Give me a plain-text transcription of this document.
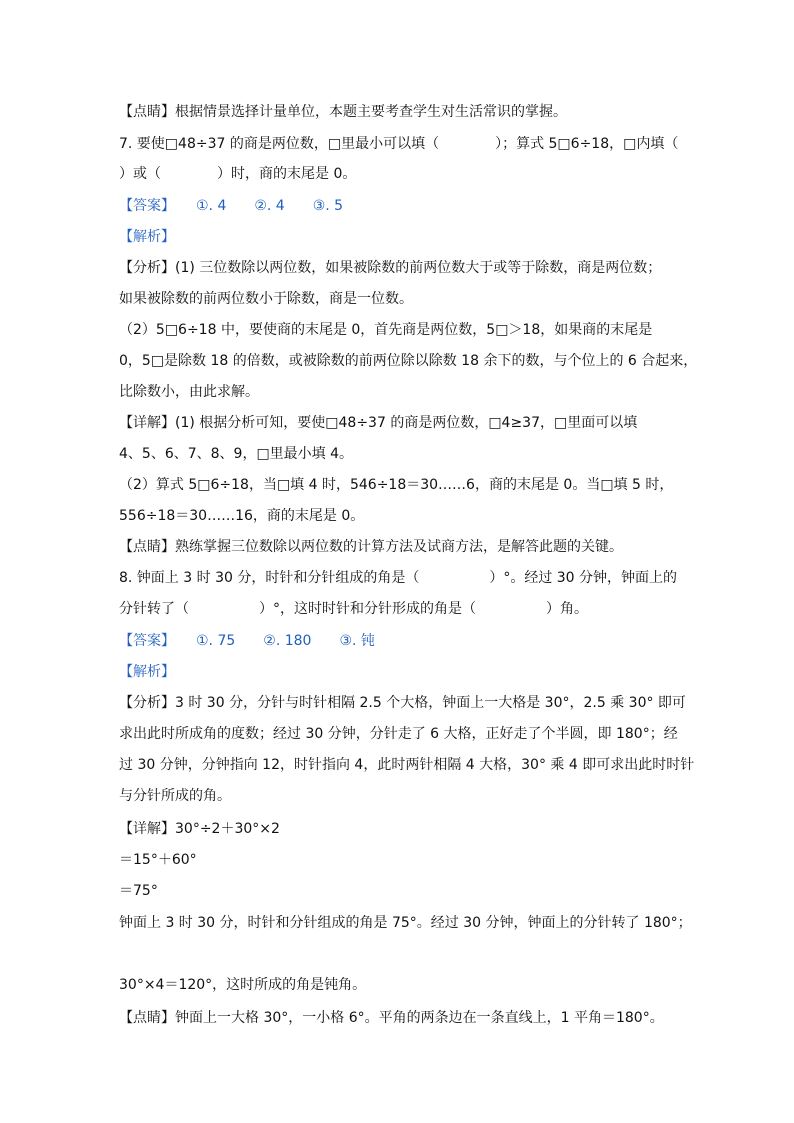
【点睛】根据情景选择计量单位，本题主要考查学生对生活常识的掌握。
7. 要使□48÷37 的商是两位数，□里最小可以填（　　　　）；算式 5□6÷18，□内填（
）或（　　　　）时，商的末尾是 0。
【答案】　　①. 4　　②. 4　　③. 5
【解析】
【分析】(1) 三位数除以两位数，如果被除数的前两位数大于或等于除数，商是两位数；
如果被除数的前两位数小于除数，商是一位数。
（2）5□6÷18 中，要使商的末尾是 0，首先商是两位数，5□＞18，如果商的末尾是
0，5□是除数 18 的倍数，或被除数的前两位除以除数 18 余下的数，与个位上的 6 合起来，
比除数小，由此求解。
【详解】(1) 根据分析可知，要使□48÷37 的商是两位数，□4≥37，□里面可以填
4、5、6、7、8、9，□里最小填 4。
（2）算式 5□6÷18，当□填 4 时，546÷18＝30……6，商的末尾是 0。当□填 5 时，
556÷18＝30……16，商的末尾是 0。
【点睛】熟练掌握三位数除以两位数的计算方法及试商方法，是解答此题的关键。
8. 钟面上 3 时 30 分，时针和分针组成的角是（　　　　　）°。经过 30 分钟，钟面上的
分针转了（　　　　　）°，这时时针和分针形成的角是（　　　　　）角。
【答案】　　①. 75　　②. 180　　③. 钝
【解析】
【分析】3 时 30 分，分针与时针相隔 2.5 个大格，钟面上一大格是 30°，2.5 乘 30° 即可
求出此时所成角的度数；经过 30 分钟，分针走了 6 大格，正好走了个半圆，即 180°；经
过 30 分钟，分钟指向 12，时针指向 4，此时两针相隔 4 大格，30° 乘 4 即可求出此时时针
与分针所成的角。
【详解】30°÷2＋30°×2
＝15°＋60°
＝75°
钟面上 3 时 30 分，时针和分针组成的角是 75°。经过 30 分钟，钟面上的分针转了 180°；
30°×4＝120°，这时所成的角是钝角。
【点睛】钟面上一大格 30°，一小格 6°。平角的两条边在一条直线上，1 平角＝180°。
